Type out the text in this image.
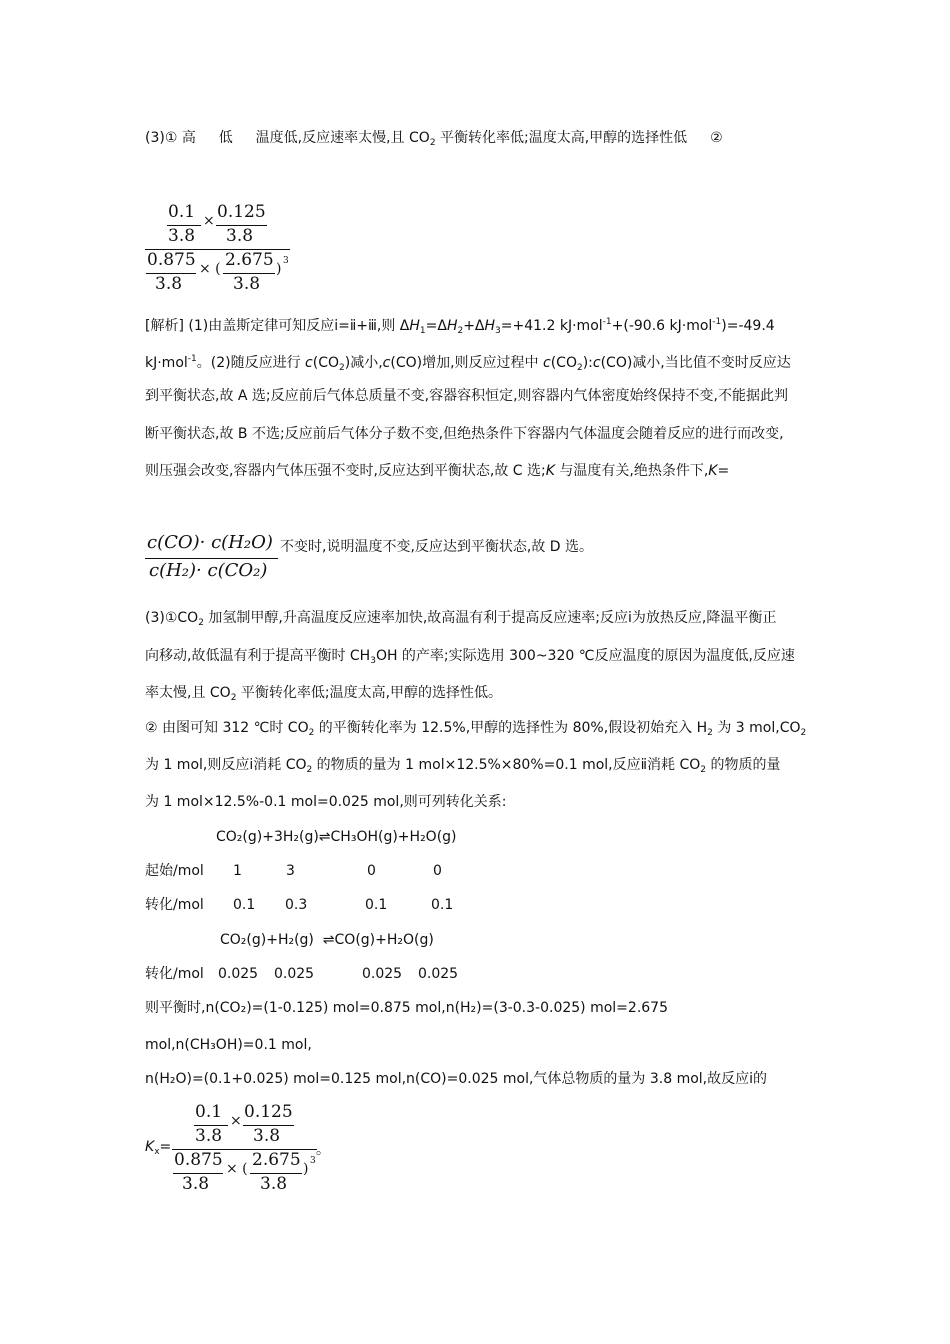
(3)① 高 低 温度低,反应速率太慢,且 $CO_2$ 平衡转化率低;温度太高,甲醇的选择性低 ②
0.1
3.8
× 0.125
3.8
0.875
3.8
× ( 2.675
3.8
) 3
[解析] (1)由盖斯定律可知反应ⅰ=ⅱ+ⅲ,则 $\Delta H_1=\Delta H_2+\Delta H_3=+41.2$ kJ·mol$^{-1}$+(-90.6 kJ·mol$^{-1}$)=-49.4
kJ·mol$^{-1}$。(2)随反应进行 $c(CO_2)$减小,c(CO)增加,则反应过程中 $c(CO_2):c(CO)$减小,当比值不变时反应达
到平衡状态,故 A 选;反应前后气体总质量不变,容器容积恒定,则容器内气体密度始终保持不变,不能据此判
断平衡状态,故 B 不选;反应前后气体分子数不变,但绝热条件下容器内气体温度会随着反应的进行而改变,
则压强会改变,容器内气体压强不变时,反应达到平衡状态,故 C 选;K 与温度有关,绝热条件下,K=
c(CO)· c(H₂O)
c(H₂)· c(CO₂)
不变时,说明温度不变,反应达到平衡状态,故 D 选。
$(3)①CO_2$ 加氢制甲醇,升高温度反应速率加快,故高温有利于提高反应速率;反应ⅰ为放热反应,降温平衡正
向移动,故低温有利于提高平衡时 $CH_3OH$ 的产率;实际选用 300~320 ℃反应温度的原因为温度低,反应速
率太慢,且 $CO_2$ 平衡转化率低;温度太高,甲醇的选择性低。
② 由图可知 312 ℃时 $CO_2$ 的平衡转化率为 12.5%,甲醇的选择性为 80%,假设初始充入 $H_2$ 为 3 $mol,CO_2$
为 1 mol,则反应ⅰ消耗 $CO_2$ 的物质的量为 1 mol×12.5%×80%=0.1 mol,反应ⅱ消耗 $CO_2$ 的物质的量
为 1 mol×12.5%-0.1 mol=0.025 mol,则可列转化关系:
CO₂(g)+3H₂(g)⇌CH₃OH(g)+H₂O(g)
起始/mol 1	3	0	0
转化/mol 0.1 0.3	0.1	0.1
CO₂(g)+H₂(g)  ⇌CO(g)+H₂O(g)
转化/mol 0.025 0.025	0.025 0.025
则平衡时,n(CO₂)=(1-0.125) mol=0.875 mol,n(H₂)=(3-0.3-0.025) mol=2.675
mol,n(CH₃OH)=0.1 mol,
n(H₂O)=(0.1+0.025) mol=0.125 mol,n(CO)=0.025 mol,气体总物质的量为 3.8 mol,故反应ⅰ的
$K_x=$
0.1
3.8
× 0.125
3.8
0.875
3.8
× ( 2.675
3.8
) 3
。
